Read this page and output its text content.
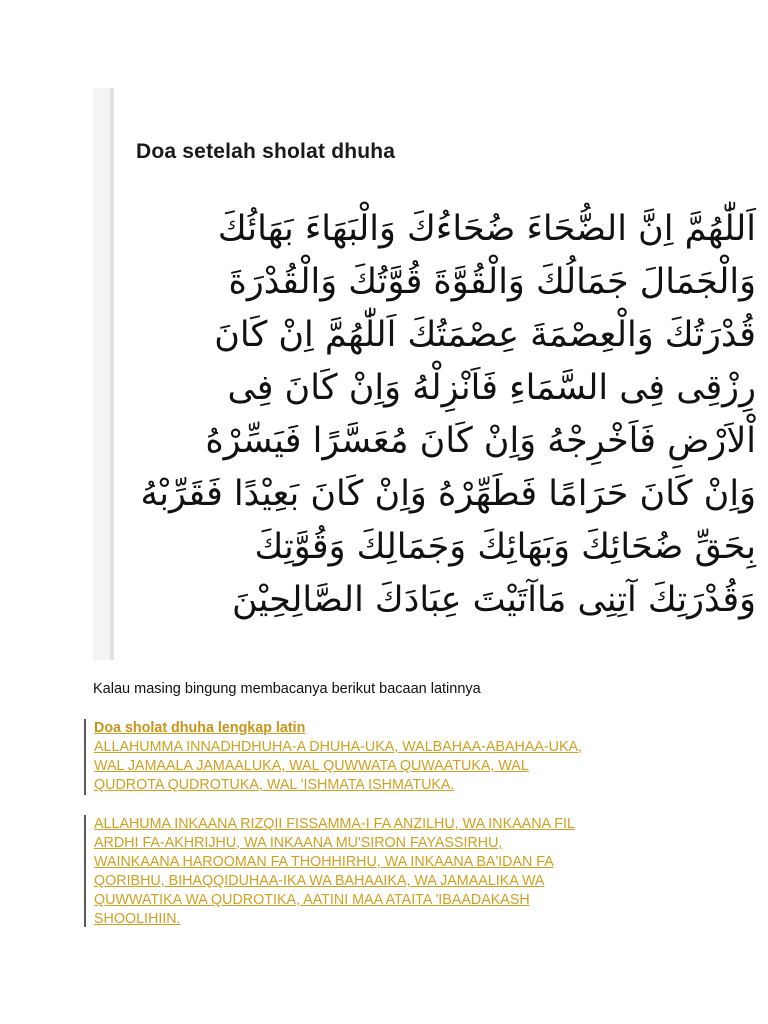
Doa setelah sholat dhuha
اَللّٰهُمَّ اِنَّ الضُّحَاءَ ضُحَاءُكَ وَالْبَهَاءَ بَهَائُكَ
وَالْجَمَالَ جَمَالُكَ وَالْقُوَّةَ قُوَّتُكَ وَالْقُدْرَةَ
قُدْرَتُكَ وَالْعِصْمَةَ عِصْمَتُكَ اَللّٰهُمَّ اِنْ كَانَ
رِزْقِى فِى السَّمَاءِ فَاَنْزِلْهُ وَاِنْ كَانَ فِى
اْلاَرْضِ فَاَخْرِجْهُ وَاِنْ كَانَ مُعَسَّرًا فَيَسِّرْهُ
وَاِنْ كَانَ حَرَامًا فَطَهِّرْهُ وَاِنْ كَانَ بَعِيْدًا فَقَرِّبْهُ
بِحَقِّ ضُحَائِكَ وَبَهَائِكَ وَجَمَالِكَ وَقُوَّتِكَ
وَقُدْرَتِكَ آتِنِى مَاآتَيْتَ عِبَادَكَ الصَّالِحِيْنَ
Kalau masing bingung membacanya berikut bacaan latinnya
Doa sholat dhuha lengkap latin
ALLAHUMMA INNADHDHUHA-A DHUHA-UKA, WALBAHAA-ABAHAA-UKA,
WAL JAMAALA JAMAALUKA, WAL QUWWATA QUWAATUKA, WAL
QUDROTA QUDROTUKA, WAL 'ISHMATA ISHMATUKA.
ALLAHUMA INKAANA RIZQII FISSAMMA-I FA ANZILHU, WA INKAANA FIL
ARDHI FA-AKHRIJHU, WA INKAANA MU'SIRON FAYASSIRHU,
WAINKAANA HAROOMAN FA THOHHIRHU, WA INKAANA BA'IDAN FA
QORIBHU, BIHAQQIDUHAA-IKA WA BAHAAIKA, WA JAMAALIKA WA
QUWWATIKA WA QUDROTIKA, AATINI MAA ATAITA 'IBAADAKASH
SHOOLIHIIN.
